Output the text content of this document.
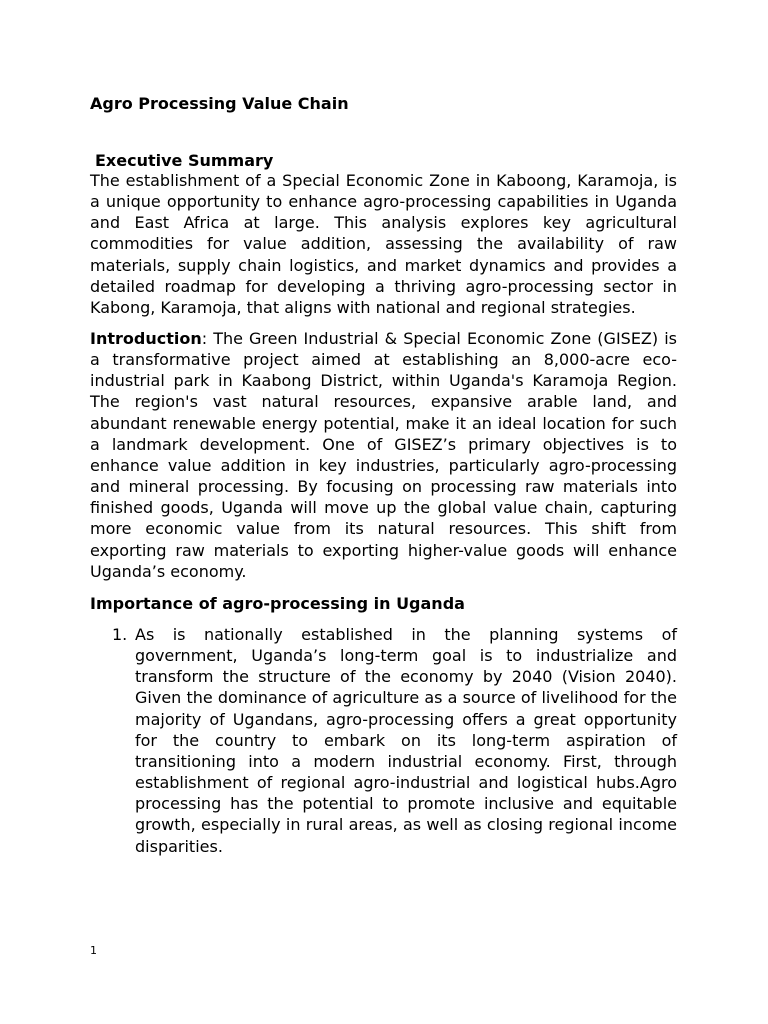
Agro Processing Value Chain
Executive Summary

The establishment of a Special Economic Zone in Kaboong, Karamoja, is a unique opportunity to enhance agro-processing capabilities in Uganda and East Africa at large. This analysis explores key agricultural commodities for value addition, assessing the availability of raw materials, supply chain logistics, and market dynamics and provides a detailed roadmap for developing a thriving agro-processing sector in Kabong, Karamoja, that aligns with national and regional strategies.

Introduction: The Green Industrial & Special Economic Zone (GISEZ) is a transformative project aimed at establishing an 8,000-acre eco-industrial park in Kaabong District, within Uganda's Karamoja Region. The region's vast natural resources, expansive arable land, and abundant renewable energy potential, make it an ideal location for such a landmark development. One of GISEZ’s primary objectives is to enhance value addition in key industries, particularly agro-processing and mineral processing. By focusing on processing raw materials into finished goods, Uganda will move up the global value chain, capturing more economic value from its natural resources. This shift from exporting raw materials to exporting higher-value goods will enhance Uganda’s economy.

Importance of agro-processing in Uganda
1. As is nationally established in the planning systems of government, Uganda’s long-term goal is to industrialize and transform the structure of the economy by 2040 (Vision 2040). Given the dominance of agriculture as a source of livelihood for the majority of Ugandans, agro-processing offers a great opportunity for the country to embark on its long-term aspiration of transitioning into a modern industrial economy. First, through establishment of regional agro-industrial and logistical hubs.Agro processing has the potential to promote inclusive and equitable growth, especially in rural areas, as well as closing regional income disparities.

1
